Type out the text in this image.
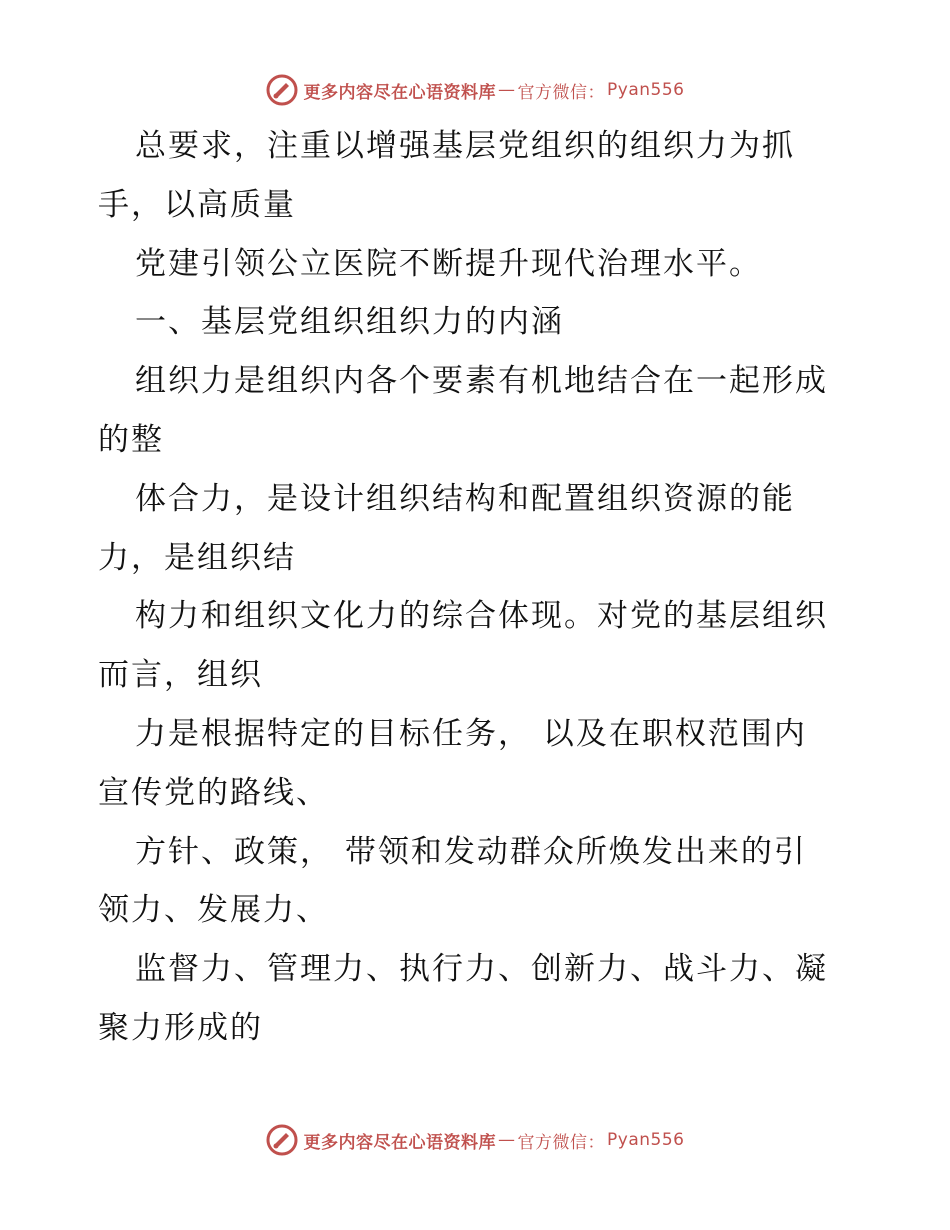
更多内容尽在心语资料库 — 官方微信： Pyan556
总要求，注重以增强基层党组织的组织力为抓
手，以高质量
党建引领公立医院不断提升现代治理水平。
一、基层党组织组织力的内涵
组织力是组织内各个要素有机地结合在一起形成
的整
体合力，是设计组织结构和配置组织资源的能
力，是组织结
构力和组织文化力的综合体现。对党的基层组织
而言，组织
力是根据特定的目标任务， 以及在职权范围内
宣传党的路线、
方针、政策， 带领和发动群众所焕发出来的引
领力、发展力、
监督力、管理力、执行力、创新力、战斗力、凝
聚力形成的
更多内容尽在心语资料库 — 官方微信： Pyan556
